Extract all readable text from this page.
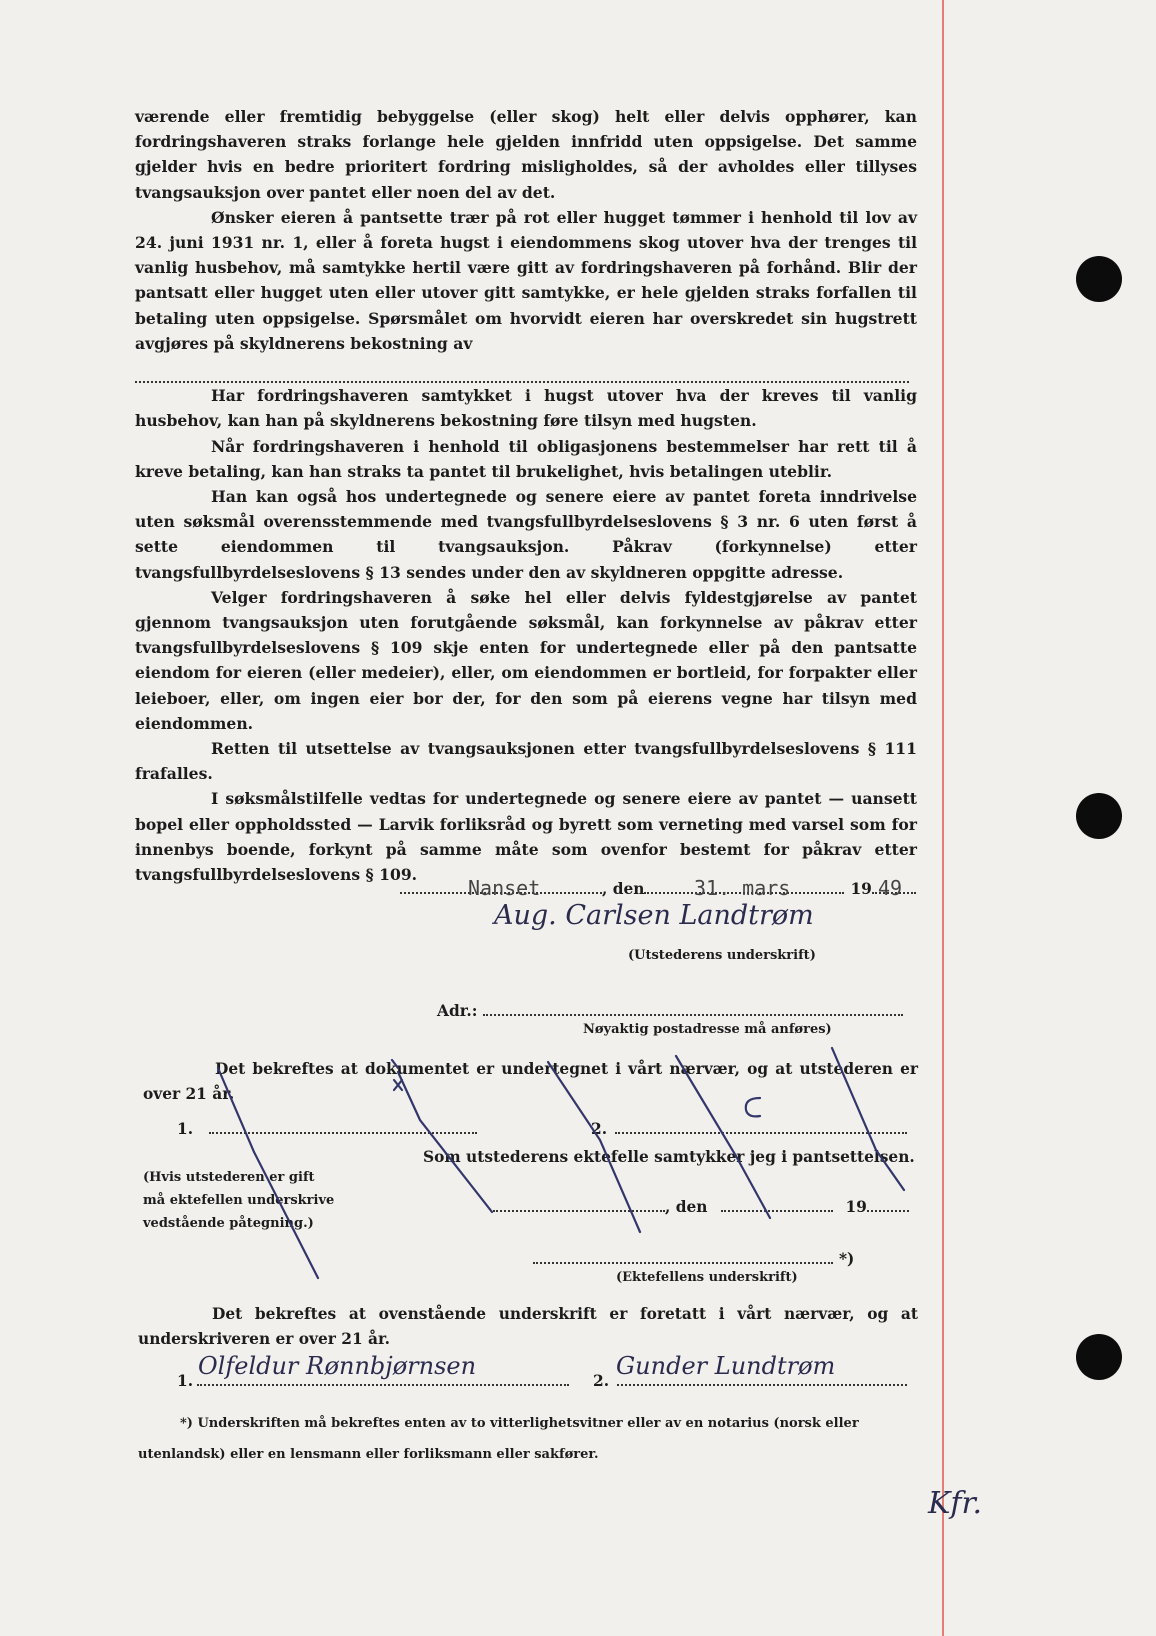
værende eller fremtidig bebyggelse (eller skog) helt eller delvis opphører, kan fordringshaveren straks forlange hele gjelden innfridd uten oppsigelse. Det samme gjelder hvis en bedre prioritert fordring misligholdes, så der avholdes eller tillyses tvangsauksjon over pantet eller noen del av det.

Ønsker eieren å pantsette trær på rot eller hugget tømmer i henhold til lov av 24. juni 1931 nr. 1, eller å foreta hugst i eiendommens skog utover hva der trenges til vanlig husbehov, må samtykke hertil være gitt av fordringshaveren på forhånd. Blir der pantsatt eller hugget uten eller utover gitt samtykke, er hele gjelden straks forfallen til betaling uten oppsigelse. Spørsmålet om hvorvidt eieren har overskredet sin hugstrett avgjøres på skyldnerens bekostning av

Har fordringshaveren samtykket i hugst utover hva der kreves til vanlig husbehov, kan han på skyldnerens bekostning føre tilsyn med hugsten.

Når fordringshaveren i henhold til obligasjonens bestemmelser har rett til å kreve betaling, kan han straks ta pantet til brukelighet, hvis betalingen uteblir.

Han kan også hos undertegnede og senere eiere av pantet foreta inndrivelse uten søksmål overensstemmende med tvangsfullbyrdelseslovens § 3 nr. 6 uten først å sette eiendommen til tvangsauksjon. Påkrav (forkynnelse) etter tvangsfullbyrdelseslovens § 13 sendes under den av skyldneren oppgitte adresse.

Velger fordringshaveren å søke hel eller delvis fyldestgjørelse av pantet gjennom tvangsauksjon uten forutgående søksmål, kan forkynnelse av påkrav etter tvangsfullbyrdelseslovens § 109 skje enten for undertegnede eller på den pantsatte eiendom for eieren (eller medeier), eller, om eiendommen er bortleid, for forpakter eller leieboer, eller, om ingen eier bor der, for den som på eierens vegne har tilsyn med eiendommen.

Retten til utsettelse av tvangsauksjonen etter tvangsfullbyrdelseslovens § 111 frafalles.

I søksmålstilfelle vedtas for undertegnede og senere eiere av pantet — uansett bopel eller oppholdssted — Larvik forliksråd og byrett som verneting med varsel som for innenbys boende, forkynt på samme måte som ovenfor bestemt for påkrav etter tvangsfullbyrdelseslovens § 109.

, den	19
Nanset	31. mars	49
Aug. Carlsen Landtrøm
(Utstederens underskrift)
Adr.:
Nøyaktig postadresse må anføres)
Det bekreftes at dokumentet er undertegnet i vårt nærvær, og at utstederen er over 21 år.
1.	2.
Som utstederens ektefelle samtykker jeg i pantsettelsen.
(Hvis utstederen er gift
må ektefellen underskrive
vedstående påtegning.)
, den	19
*)
(Ektefellens underskrift)
Det bekreftes at ovenstående underskrift er foretatt i vårt nærvær, og at underskriveren er over 21 år.
1.	2.
Olfeldur Rønnbjørnsen	Gunder Lundtrøm
*) Underskriften må bekreftes enten av to vitterlighetsvitner eller av en notarius (norsk eller utenlandsk) eller en lensmann eller forliksmann eller sakfører.
Kfr.
